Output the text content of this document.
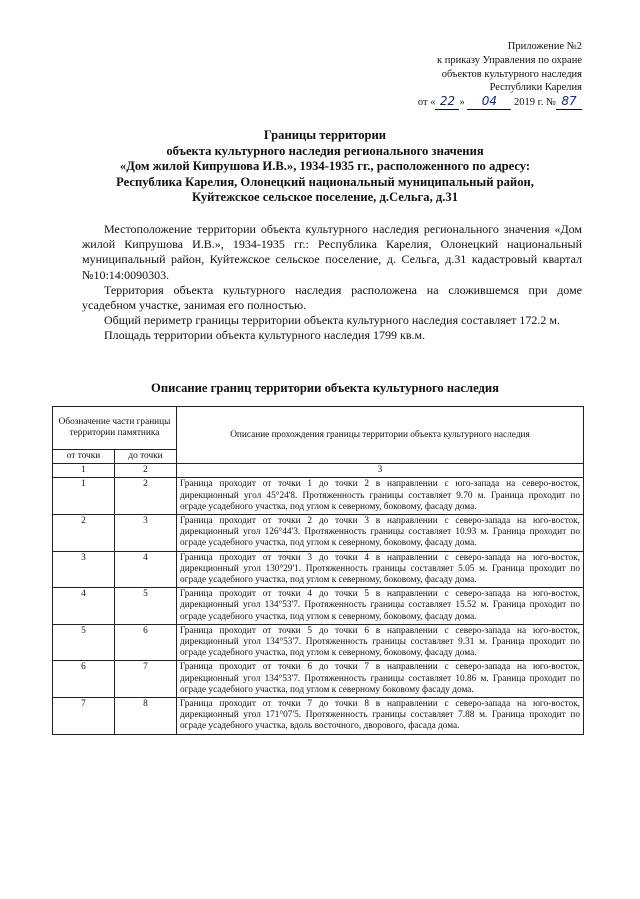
Приложение №2
к приказу Управления по охране
объектов культурного наследия
Республики Карелия
от « 22 » 04 2019 г. № 87
Границы территории
объекта культурного наследия регионального значения
«Дом жилой Кипрушова И.В.», 1934-1935 гг., расположенного по адресу:
Республика Карелия, Олонецкий национальный муниципальный район,
Куйтежское сельское поселение, д.Сельга, д.31

Местоположение территории объекта культурного наследия регионального значения «Дом жилой Кипрушова И.В.», 1934-1935 гг.: Республика Карелия, Олонецкий национальный муниципальный район, Куйтежское сельское поселение, д. Сельга, д.31 кадастровый квартал №10:14:0090303.

Территория объекта культурного наследия расположена на сложившемся при доме усадебном участке, занимая его полностью.

Общий периметр границы территории объекта культурного наследия составляет 172.2 м.

Площадь территории объекта культурного наследия 1799 кв.м.

Описание границ территории объекта культурного наследия
Обозначение части границы территории памятника		Описание прохождения границы территории объекта культурного наследия
от точки	до точки	
1	2	3
1	2	Граница проходит от точки 1 до точки 2 в направлении с юго-запада на северо-восток, дирекционный угол 45°24'8. Протяженность границы составляет 9.70 м. Граница проходит по ограде усадебного участка, под углом к северному, боковому, фасаду дома.
2	3	Граница проходит от точки 2 до точки 3 в направлении с северо-запада на юго-восток, дирекционный угол 126°44'3. Протяженность границы составляет 10.93 м. Граница проходит по ограде усадебного участка, под углом к северному, боковому, фасаду дома.
3	4	Граница проходит от точки 3 до точки 4 в направлении с северо-запада на юго-восток, дирекционный угол 130°29'1. Протяженность границы составляет 5.05 м. Граница проходит по ограде усадебного участка, под углом к северному, боковому, фасаду дома.
4	5	Граница проходит от точки 4 до точки 5 в направлении с северо-запада на юго-восток, дирекционный угол 134°53'7. Протяженность границы составляет 15.52 м. Граница проходит по ограде усадебного участка, под углом к северному, боковому, фасаду дома.
5	6	Граница проходит от точки 5 до точки 6 в направлении с северо-запада на юго-восток, дирекционный угол 134°53'7. Протяженность границы составляет 9.31 м. Граница проходит по ограде усадебного участка, под углом к северному, боковому, фасаду дома.
6	7	Граница проходит от точки 6 до точки 7 в направлении с северо-запада на юго-восток, дирекционный угол 134°53'7. Протяженность границы составляет 10.86 м. Граница проходит по ограде усадебного участка, под углом к северному боковому фасаду дома.
7	8	Граница проходит от точки 7 до точки 8 в направлении с северо-запада на юго-восток, дирекционный угол 171°07'5. Протяженность границы составляет 7.88 м. Граница проходит по ограде усадебного участка, вдоль восточного, дворового, фасада дома.
